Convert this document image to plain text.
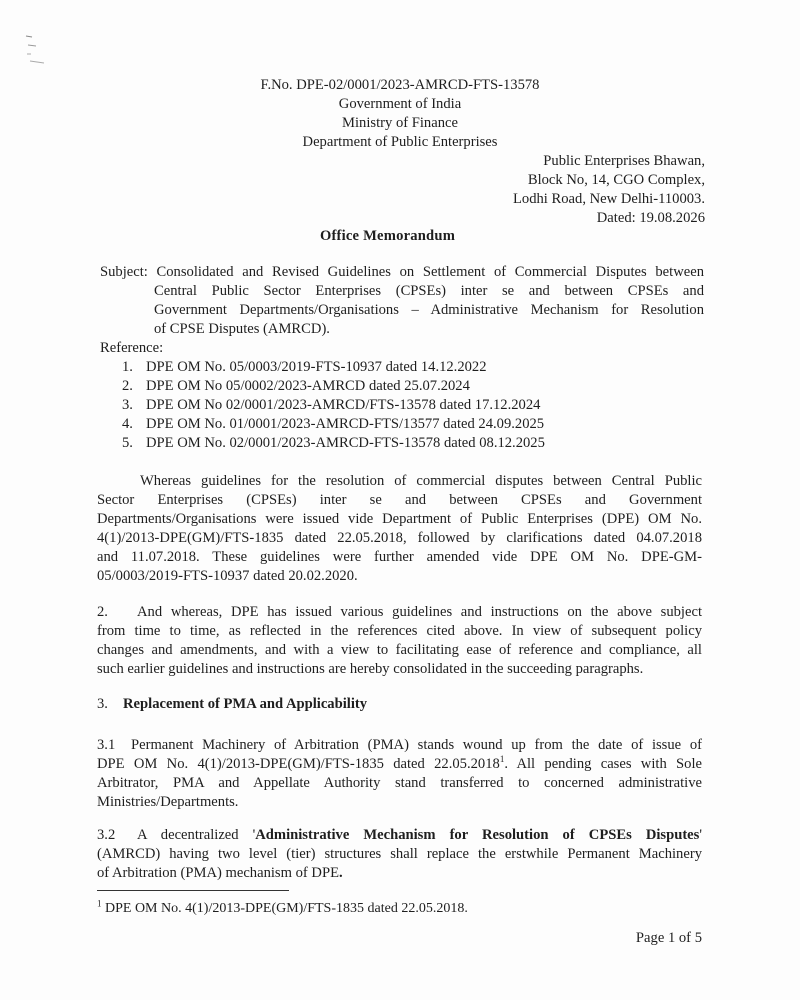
F.No. DPE-02/0001/2023-AMRCD-FTS-13578
Government of India
Ministry of Finance
Department of Public Enterprises
Public Enterprises Bhawan,
Block No, 14, CGO Complex,
Lodhi Road, New Delhi-110003.
Dated: 19.08.2026
Office Memorandum
Subject: Consolidated and Revised Guidelines on Settlement of Commercial Disputes between
Central Public Sector Enterprises (CPSEs) inter se and between CPSEs and
Government Departments/Organisations – Administrative Mechanism for Resolution
of CPSE Disputes (AMRCD).
Reference:
1. DPE OM No. 05/0003/2019-FTS-10937 dated 14.12.2022
2. DPE OM No 05/0002/2023-AMRCD dated 25.07.2024
3. DPE OM No 02/0001/2023-AMRCD/FTS-13578 dated 17.12.2024
4. DPE OM No. 01/0001/2023-AMRCD-FTS/13577 dated 24.09.2025
5. DPE OM No. 02/0001/2023-AMRCD-FTS-13578 dated 08.12.2025
Whereas guidelines for the resolution of commercial disputes between Central Public
Sector Enterprises (CPSEs) inter se and between CPSEs and Government
Departments/Organisations were issued vide Department of Public Enterprises (DPE) OM No.
4(1)/2013-DPE(GM)/FTS-1835 dated 22.05.2018, followed by clarifications dated 04.07.2018
and 11.07.2018. These guidelines were further amended vide DPE OM No. DPE-GM-
05/0003/2019-FTS-10937 dated 20.02.2020.
2. And whereas, DPE has issued various guidelines and instructions on the above subject
from time to time, as reflected in the references cited above. In view of subsequent policy
changes and amendments, and with a view to facilitating ease of reference and compliance, all
such earlier guidelines and instructions are hereby consolidated in the succeeding paragraphs.
3. Replacement of PMA and Applicability
3.1 Permanent Machinery of Arbitration (PMA) stands wound up from the date of issue of
DPE OM No. 4(1)/2013-DPE(GM)/FTS-1835 dated 22.05.2018$^1$. All pending cases with Sole
Arbitrator, PMA and Appellate Authority stand transferred to concerned administrative
Ministries/Departments.
3.2 A decentralized 'Administrative Mechanism for Resolution of CPSEs Disputes'
(AMRCD) having two level (tier) structures shall replace the erstwhile Permanent Machinery
of Arbitration (PMA) mechanism of DPE.
$^1$ DPE OM No. 4(1)/2013-DPE(GM)/FTS-1835 dated 22.05.2018.
Page 1 of 5
